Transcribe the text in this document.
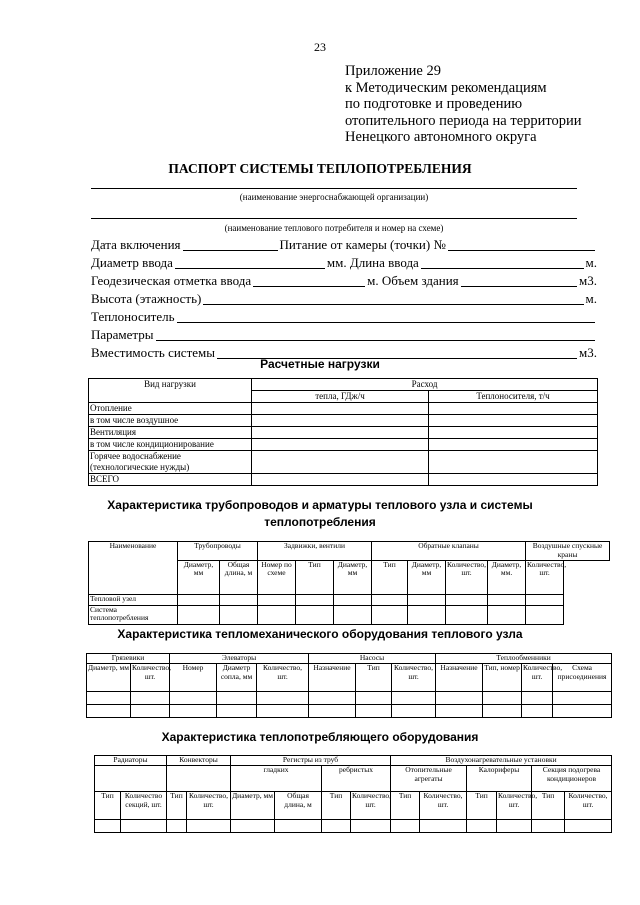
23
Приложение 29
к Методическим рекомендациям
по подготовке и проведению
отопительного периода на территории
Ненецкого автономного округа
ПАСПОРТ СИСТЕМЫ ТЕПЛОПОТРЕБЛЕНИЯ
(наименование энергоснабжающей организации)
(наименование теплового потребителя и номер на схеме)
Дата включения	Питание от камеры (точки) №
Диаметр ввода	мм. Длина ввода	м.
Геодезическая отметка ввода	м. Объем здания	м3.
Высота (этажность)	м.
Теплоноситель
Параметры
Вместимость системы	м3.
Расчетные нагрузки
Вид нагрузки	Расход	
	тепла, ГДж/ч	Теплоносителя, т/ч
Отопление		
в том числе воздушное		
Вентиляция		
в том числе кондиционирование		
Горячее водоснабжение
(технологические нужды)		
ВСЕГО		
Характеристика трубопроводов и арматуры теплового узла и системы
теплопотребления
Наименование	Трубопроводы		Задвижки, вентили			Обратные клапаны				Воздушные спускные краны
	Диаметр, мм	Общая длина, м	Номер по схеме	Тип	Диаметр, мм	Тип	Диаметр, мм	Количество, шт.	Диаметр, мм.	Количество, шт.
Тепловой узел										
Система теплопотребления										
Характеристика тепломеханического оборудования теплового узла
Грязевики		Элеваторы			Насосы			Теплообменники			
Диаметр, мм	Количество, шт.	Номер	Диаметр сопла, мм	Количество, шт.	Назначение	Тип	Количество, шт.	Назначение	Тип, номер	Количество, шт.	Схема присоединения

Характеристика теплопотребляющего оборудования
Радиаторы		Конвекторы		Регистры из труб				Воздухонагревательные установки					
				гладких		ребристых		Отопительные агрегаты		Калориферы		Секция подогрева кондиционеров	
Тип	Количество секций, шт.	Тип	Количество, шт.	Диаметр, мм	Общая длина, м	Тип	Количество, шт.	Тип	Количество, шт.	Тип	Количество, шт.	Тип	Количество, шт.
